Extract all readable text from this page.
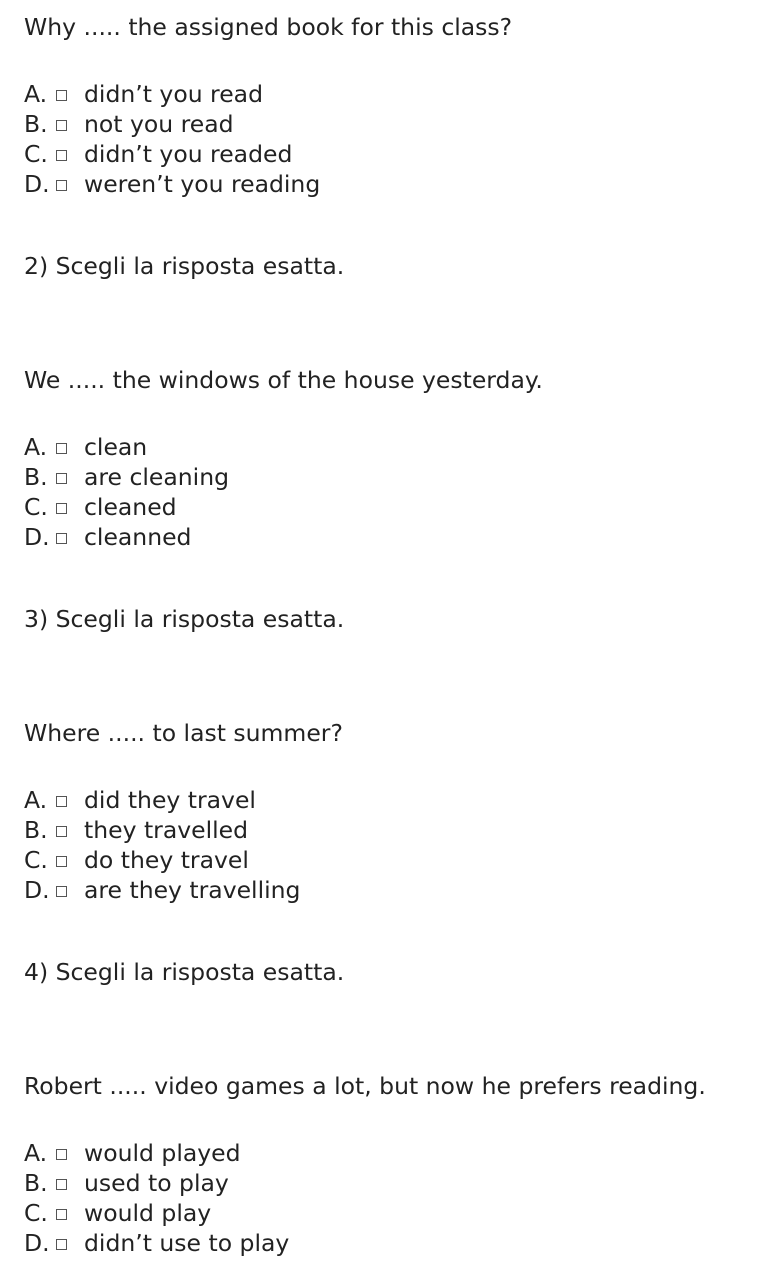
Why ..... the assigned book for this class?
A. didn’t you read
B. not you read
C. didn’t you readed
D. weren’t you reading
2) Scegli la risposta esatta.
We ..... the windows of the house yesterday.
A. clean
B. are cleaning
C. cleaned
D. cleanned
3) Scegli la risposta esatta.
Where ..... to last summer?
A. did they travel
B. they travelled
C. do they travel
D. are they travelling
4) Scegli la risposta esatta.
Robert ..... video games a lot, but now he prefers reading.
A. would played
B. used to play
C. would play
D. didn’t use to play
